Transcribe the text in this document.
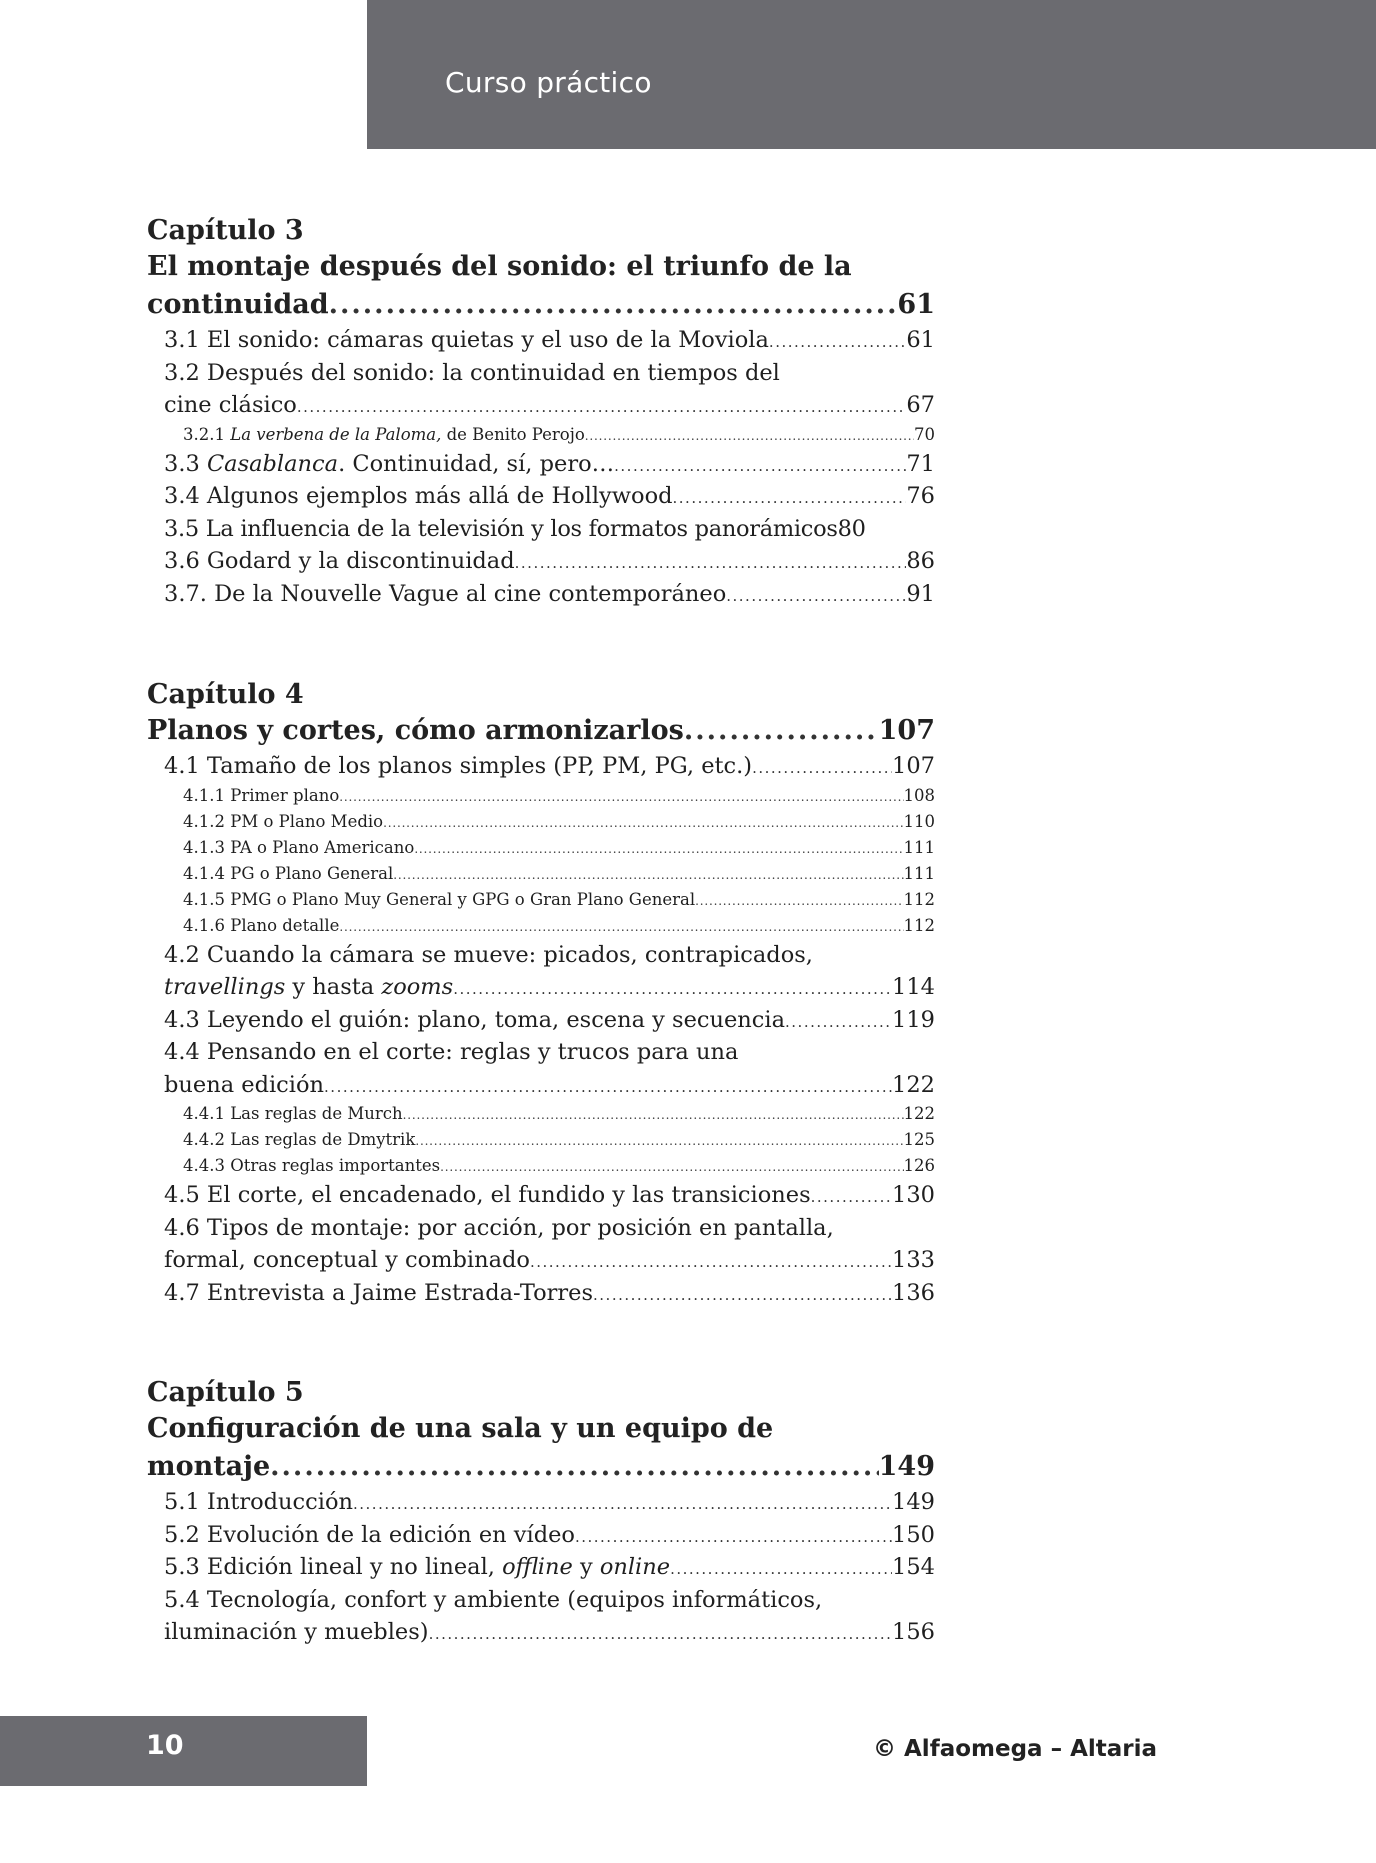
Curso práctico
Capítulo 3
El montaje después del sonido: el triunfo de la
continuidad .....	61
3.1 El sonido: cámaras quietas y el uso de la Moviola .....	61
3.2 Después del sonido: la continuidad en tiempos del
cine clásico .....	67
3.2.1 La verbena de la Paloma, de Benito Perojo .....	70
3.3 Casablanca. Continuidad, sí, pero… .....	71
3.4 Algunos ejemplos más allá de Hollywood .....	76
3.5 La influencia de la televisión y los formatos panorámicos 80
3.6 Godard y la discontinuidad .....	86
3.7. De la Nouvelle Vague al cine contemporáneo .....	91
Capítulo 4
Planos y cortes, cómo armonizarlos .....	107
4.1 Tamaño de los planos simples (PP, PM, PG, etc.) .....	107
4.1.1 Primer plano .....	108
4.1.2 PM o Plano Medio .....	110
4.1.3 PA o Plano Americano .....	111
4.1.4 PG o Plano General .....	111
4.1.5 PMG o Plano Muy General y GPG o Gran Plano General .....	112
4.1.6 Plano detalle .....	112
4.2 Cuando la cámara se mueve: picados, contrapicados,
travellings y hasta zooms .....	114
4.3 Leyendo el guión: plano, toma, escena y secuencia .....	119
4.4 Pensando en el corte: reglas y trucos para una
buena edición .....	122
4.4.1 Las reglas de Murch .....	122
4.4.2 Las reglas de Dmytrik .....	125
4.4.3 Otras reglas importantes .....	126
4.5 El corte, el encadenado, el fundido y las transiciones .....	130
4.6 Tipos de montaje: por acción, por posición en pantalla,
formal, conceptual y combinado .....	133
4.7 Entrevista a Jaime Estrada-Torres .....	136
Capítulo 5
Configuración de una sala y un equipo de
montaje .....	149
5.1 Introducción .....	149
5.2 Evolución de la edición en vídeo .....	150
5.3 Edición lineal y no lineal, offline y online .....	154
5.4 Tecnología, confort y ambiente (equipos informáticos,
iluminación y muebles) .....	156
10	© Alfaomega – Altaria
